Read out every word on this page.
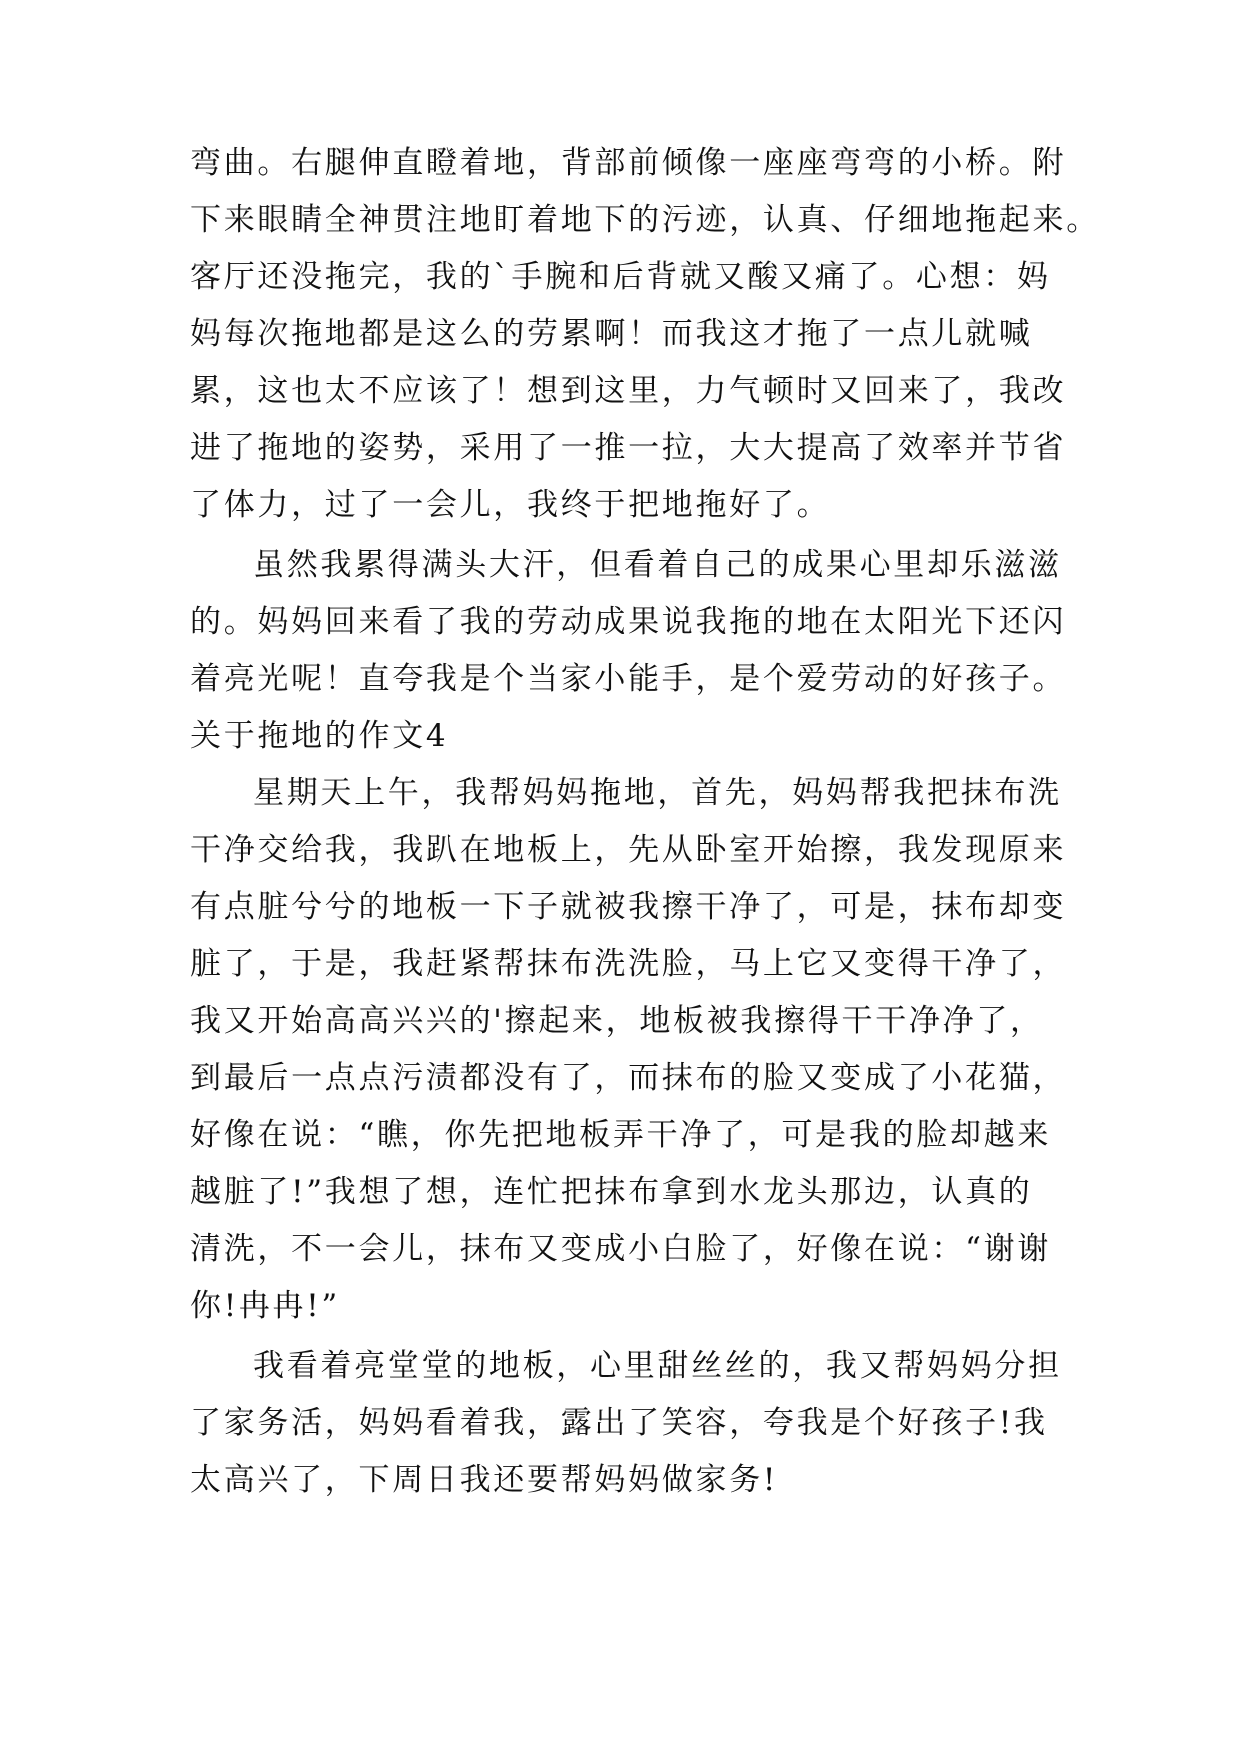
弯曲。右腿伸直瞪着地，背部前倾像一座座弯弯的小桥。附
下来眼睛全神贯注地盯着地下的污迹，认真、仔细地拖起来。
客厅还没拖完，我的`手腕和后背就又酸又痛了。心想：妈
妈每次拖地都是这么的劳累啊！而我这才拖了一点儿就喊
累，这也太不应该了！想到这里，力气顿时又回来了，我改
进了拖地的姿势，采用了一推一拉，大大提高了效率并节省
了体力，过了一会儿，我终于把地拖好了。
虽然我累得满头大汗，但看着自己的成果心里却乐滋滋
的。妈妈回来看了我的劳动成果说我拖的地在太阳光下还闪
着亮光呢！直夸我是个当家小能手，是个爱劳动的好孩子。
关于拖地的作文4
星期天上午，我帮妈妈拖地，首先，妈妈帮我把抹布洗
干净交给我，我趴在地板上，先从卧室开始擦，我发现原来
有点脏兮兮的地板一下子就被我擦干净了，可是，抹布却变
脏了，于是，我赶紧帮抹布洗洗脸，马上它又变得干净了，
我又开始高高兴兴的'擦起来，地板被我擦得干干净净了，
到最后一点点污渍都没有了，而抹布的脸又变成了小花猫，
好像在说：“瞧，你先把地板弄干净了，可是我的脸却越来
越脏了!”我想了想，连忙把抹布拿到水龙头那边，认真的
清洗，不一会儿，抹布又变成小白脸了，好像在说：“谢谢
你!冉冉!”
我看着亮堂堂的地板，心里甜丝丝的，我又帮妈妈分担
了家务活，妈妈看着我，露出了笑容，夸我是个好孩子!我
太高兴了，下周日我还要帮妈妈做家务!
